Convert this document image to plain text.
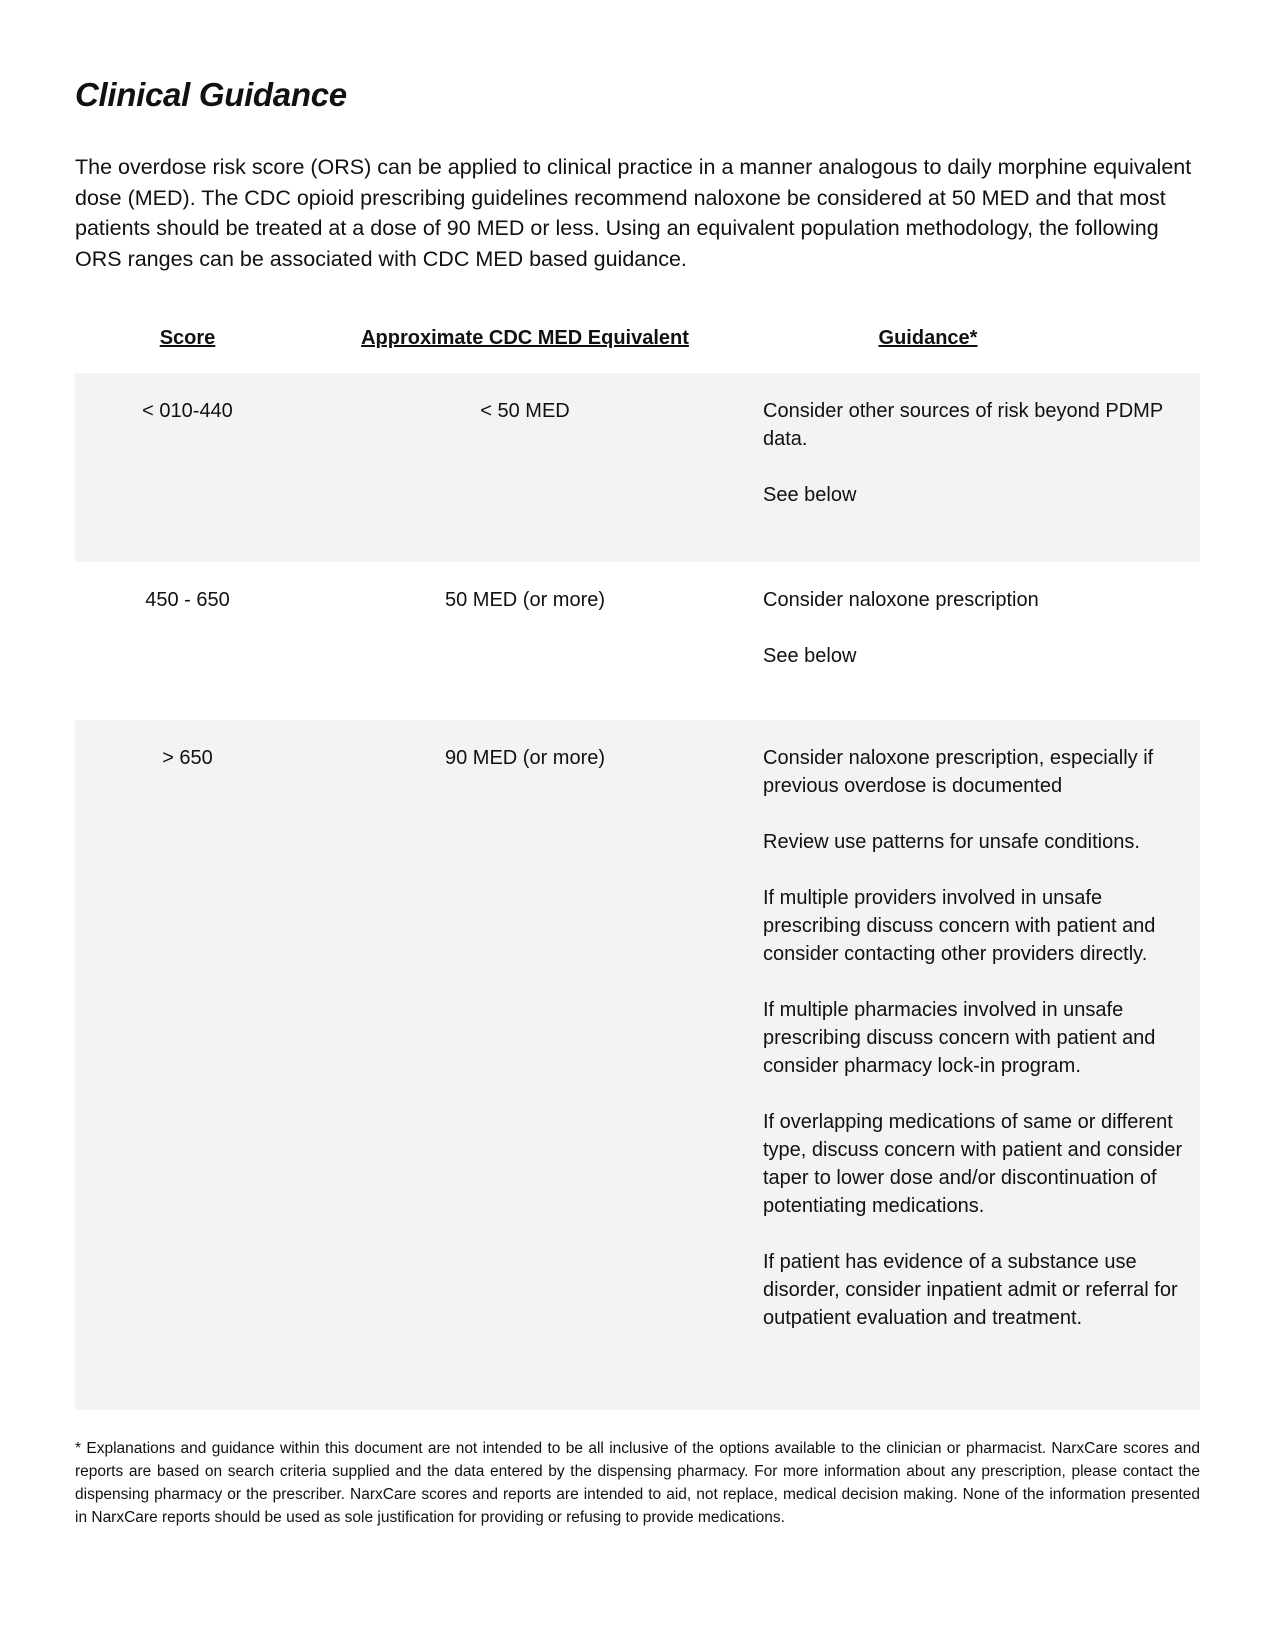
Clinical Guidance

The overdose risk score (ORS) can be applied to clinical practice in a manner analogous to daily morphine equivalent dose (MED). The CDC opioid prescribing guidelines recommend naloxone be considered at 50 MED and that most patients should be treated at a dose of 90 MED or less. Using an equivalent population methodology, the following ORS ranges can be associated with CDC MED based guidance.

Score	Approximate CDC MED Equivalent	Guidance*
< 010-440	< 50 MED	Consider other sources of risk beyond PDMP data.

See below

450 - 650	50 MED (or more)	Consider naloxone prescription

See below

> 650	90 MED (or more)	Consider naloxone prescription, especially if previous overdose is documented

Review use patterns for unsafe conditions.

If multiple providers involved in unsafe prescribing discuss concern with patient and consider contacting other providers directly.

If multiple pharmacies involved in unsafe prescribing discuss concern with patient and consider pharmacy lock-in program.

If overlapping medications of same or different type, discuss concern with patient and consider taper to lower dose and/or discontinuation of potentiating medications.

If patient has evidence of a substance use disorder, consider inpatient admit or referral for outpatient evaluation and treatment.

* Explanations and guidance within this document are not intended to be all inclusive of the options available to the clinician or pharmacist. NarxCare scores and reports are based on search criteria supplied and the data entered by the dispensing pharmacy. For more information about any prescription, please contact the dispensing pharmacy or the prescriber. NarxCare scores and reports are intended to aid, not replace, medical decision making. None of the information presented in NarxCare reports should be used as sole justification for providing or refusing to provide medications.
